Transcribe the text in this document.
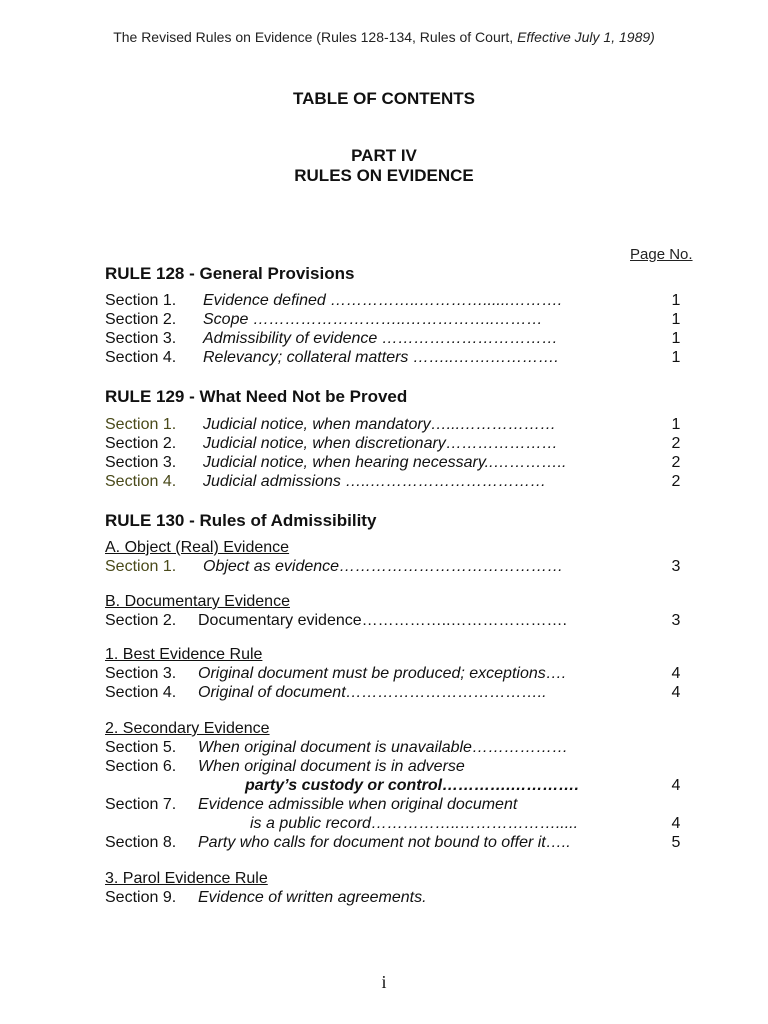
The Revised Rules on Evidence (Rules 128-134, Rules of Court, Effective July 1, 1989)
TABLE OF CONTENTS
PART IV
RULES ON EVIDENCE
Page No.
RULE 128 - General Provisions
Section 1. Evidence defined ……………..…………......……….	1
Section 2. Scope ………………………..……………..………	1
Section 3. Admissibility of evidence ……………………………	1
Section 4. Relevancy; collateral matters ……..…….………….	1
RULE 129 - What Need Not be Proved
Section 1. Judicial notice, when mandatory…...………………	1
Section 2. Judicial notice, when discretionary…………………	2
Section 3. Judicial notice, when hearing necessary..…………..	2
Section 4. Judicial admissions …..……………………………	2
RULE 130 - Rules of Admissibility
A. Object (Real) Evidence
Section 1. Object as evidence……………………………………	3
B. Documentary Evidence
Section 2. Documentary evidence……………..………………….	3
1. Best Evidence Rule
Section 3. Original document must be produced; exceptions….	4
Section 4. Original of document………………………………..	4
2. Secondary Evidence
Section 5. When original document is unavailable………………
Section 6. When original document is in adverse
party’s custody or control………….………….	4
Section 7. Evidence admissible when original document
is a public record……………..……………….....	4
Section 8. Party who calls for document not bound to offer it…..	5
3. Parol Evidence Rule
Section 9. Evidence of written agreements.
i
